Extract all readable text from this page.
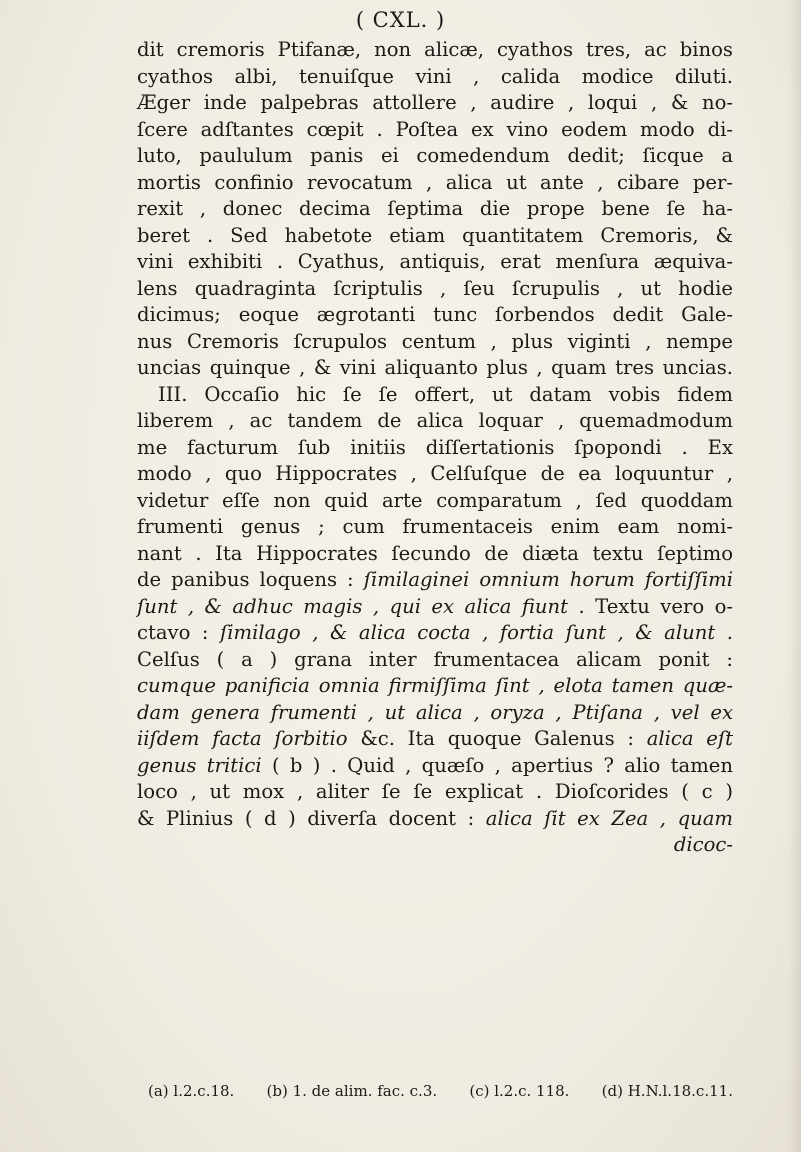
( CXL. )
dit cremoris Ptifanæ, non alicæ, cyathos tres, ac binos
cyathos albi, tenuiſque vini , calida modice diluti.
Æger inde palpebras attollere , audire , loqui , & no-
ſcere adſtantes cœpit . Poſtea ex vino eodem modo di-
luto, paululum panis ei comedendum dedit; ſicque a
mortis confinio revocatum , alica ut ante , cibare per-
rexit , donec decima ſeptima die prope bene ſe ha-
beret . Sed habetote etiam quantitatem Cremoris, &
vini exhibiti . Cyathus, antiquis, erat menſura æquiva-
lens quadraginta ſcriptulis , ſeu ſcrupulis , ut hodie
dicimus; eoque ægrotanti tunc ſorbendos dedit Gale-
nus Cremoris ſcrupulos centum , plus viginti , nempe
uncias quinque , & vini aliquanto plus , quam tres uncias.
III. Occaſio hic ſe ſe offert, ut datam vobis fidem
liberem , ac tandem de alica loquar , quemadmodum
me facturum ſub initiis diſſertationis ſpopondi . Ex
modo , quo Hippocrates , Celſuſque de ea loquuntur ,
videtur eſſe non quid arte comparatum , ſed quoddam
frumenti genus ; cum frumentaceis enim eam nomi-
nant . Ita Hippocrates ſecundo de diæta textu ſeptimo
de panibus loquens : ſimilaginei omnium horum fortiſſimi
ſunt , & adhuc magis , qui ex alica fiunt . Textu vero o-
ctavo : ſimilago , & alica cocta , fortia ſunt , & alunt .
Celſus ( a ) grana inter frumentacea alicam ponit :
cumque panificia omnia firmiſſima ſint , elota tamen quæ-
dam genera frumenti , ut alica , oryza , Ptiſana , vel ex
iiſdem facta ſorbitio &c. Ita quoque Galenus : alica eſt
genus tritici ( b ) . Quid , quæſo , apertius ? alio tamen
loco , ut mox , aliter ſe ſe explicat . Dioſcorides ( c )
& Plinius ( d ) diverſa docent : alica ſit ex Zea , quam
dicoc-
(a) l.2.c.18. (b) 1. de alim. fac. c.3. (c) l.2.c. 118. (d) H.N.l.18.c.11.
